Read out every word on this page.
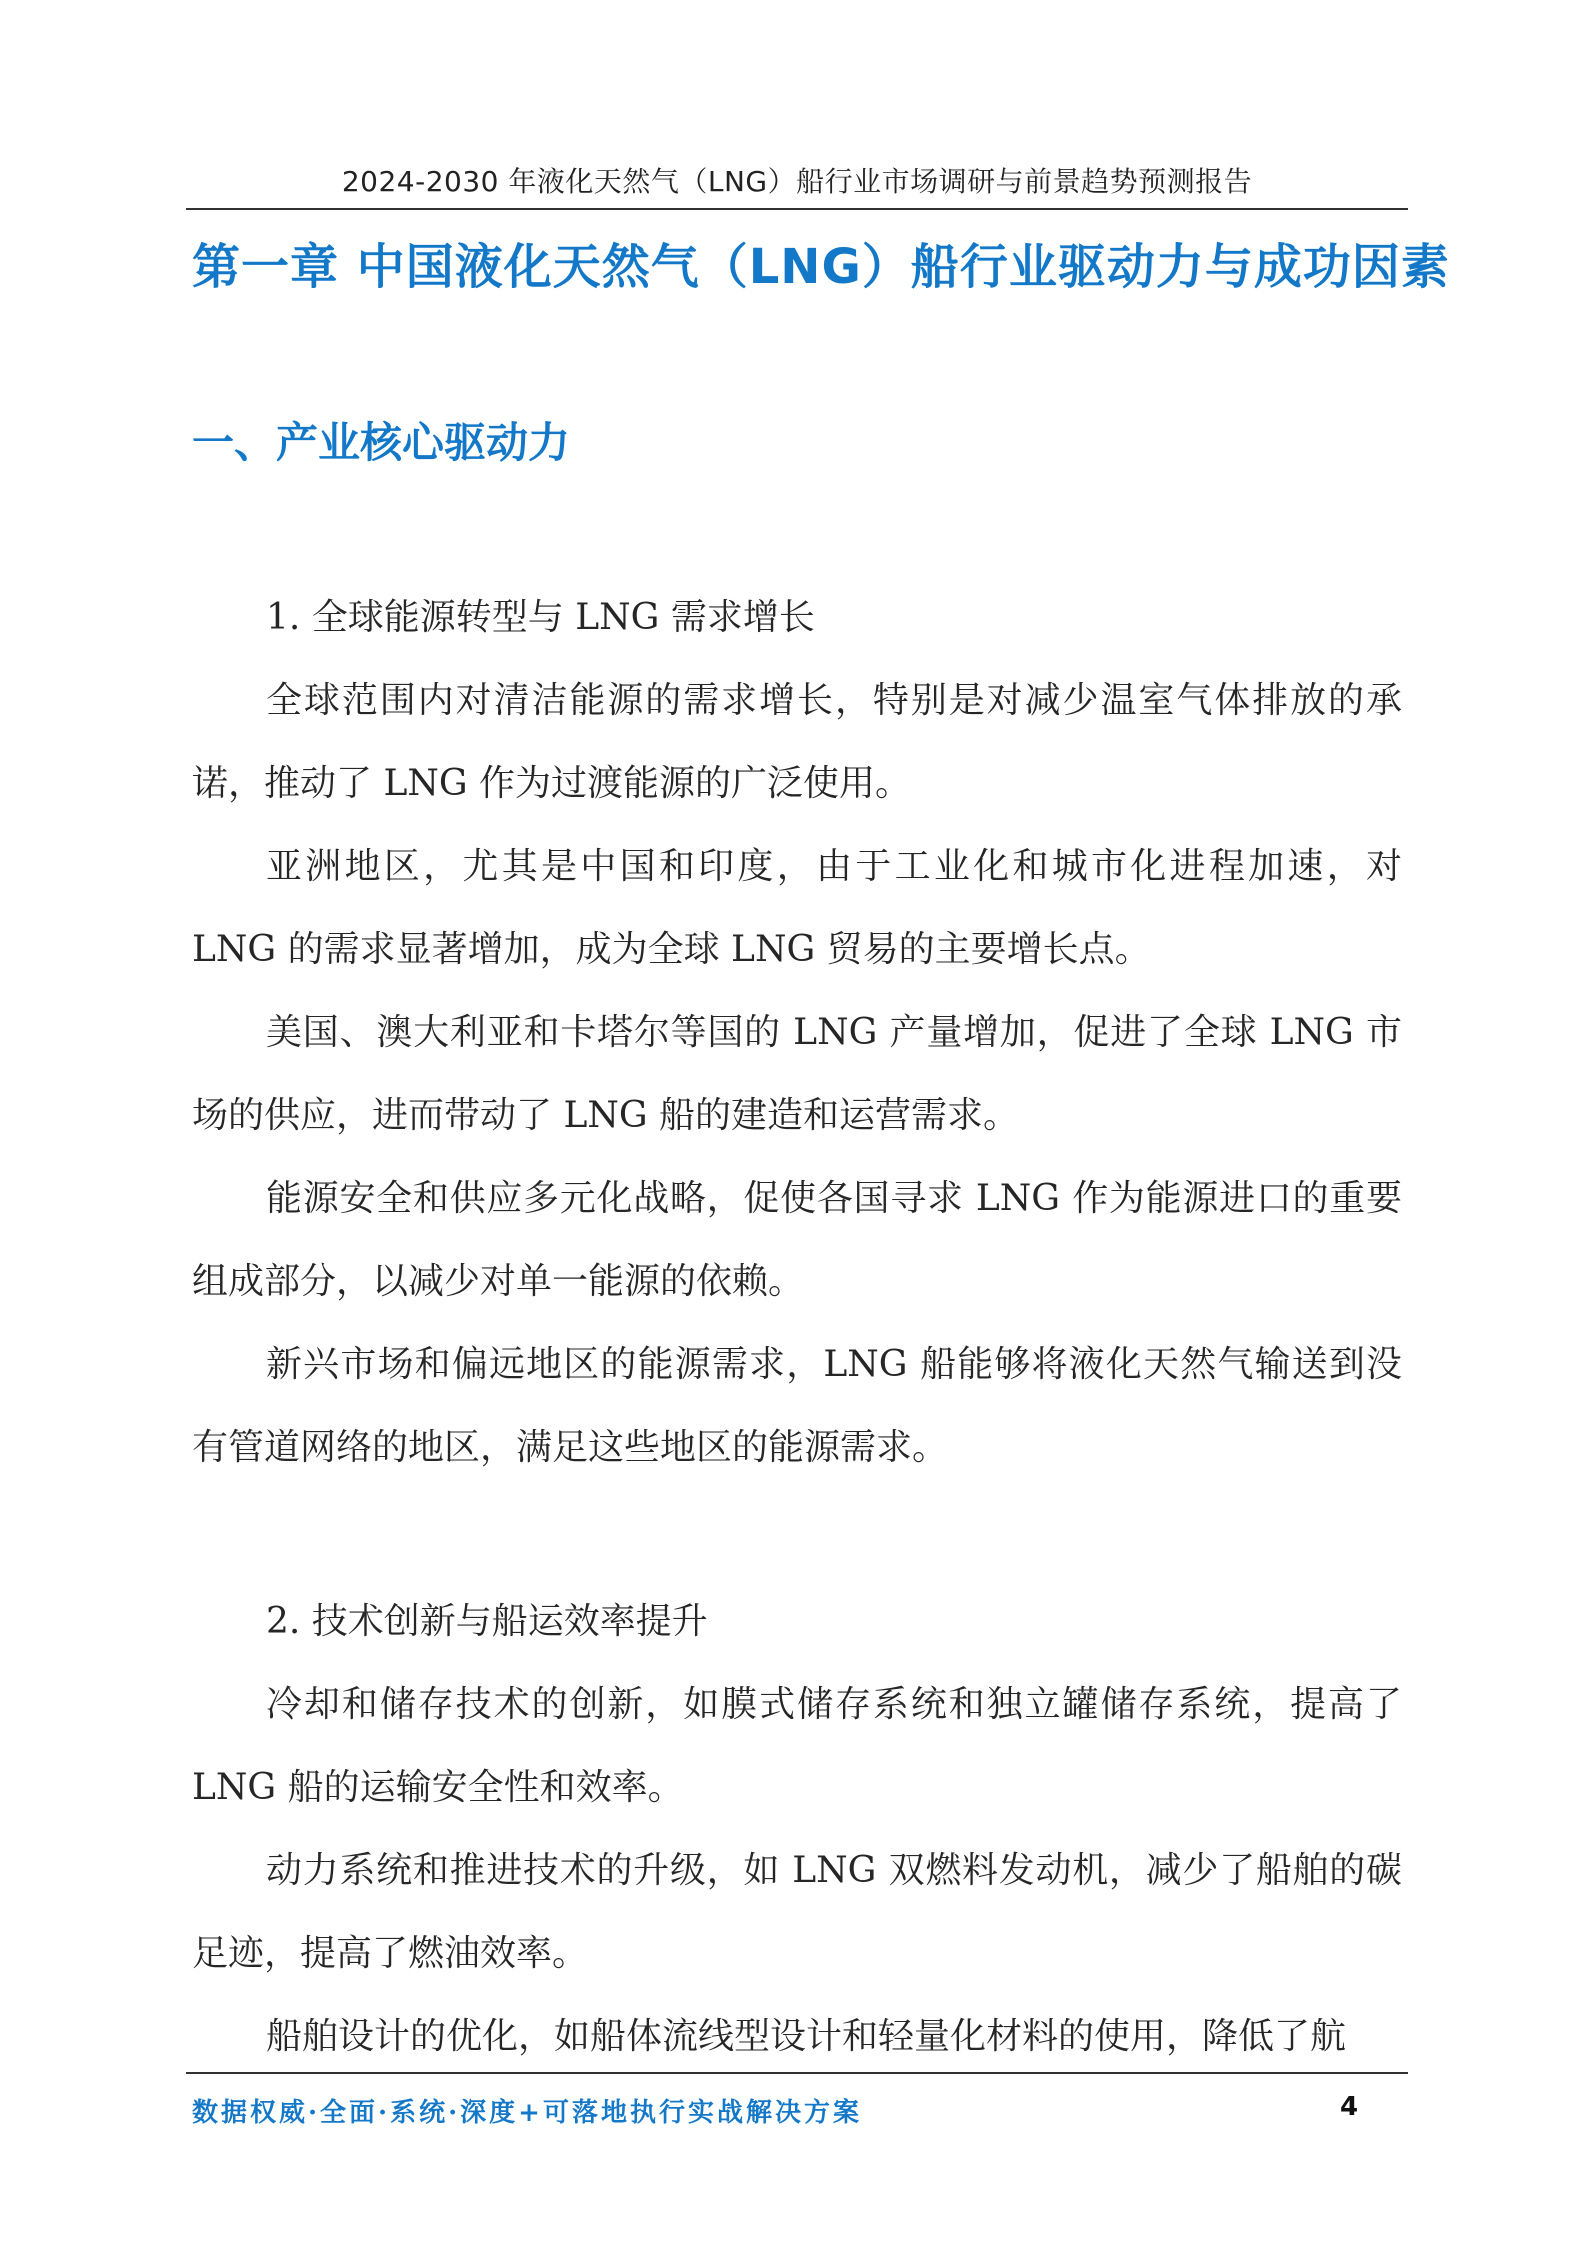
2024-2030 年液化天然气（LNG）船行业市场调研与前景趋势预测报告
第一章 中国液化天然气（LNG）船行业驱动力与成功因素
一、产业核心驱动力
1. 全球能源转型与 LNG 需求增长

全球范围内对清洁能源的需求增长，特别是对减少温室气体排放的承诺，推动了 LNG 作为过渡能源的广泛使用。

亚洲地区，尤其是中国和印度，由于工业化和城市化进程加速，对 LNG 的需求显著增加，成为全球 LNG 贸易的主要增长点。

美国、澳大利亚和卡塔尔等国的 LNG 产量增加，促进了全球 LNG 市场的供应，进而带动了 LNG 船的建造和运营需求。

能源安全和供应多元化战略，促使各国寻求 LNG 作为能源进口的重要组成部分，以减少对单一能源的依赖。

新兴市场和偏远地区的能源需求，LNG 船能够将液化天然气输送到没有管道网络的地区，满足这些地区的能源需求。

2. 技术创新与船运效率提升

冷却和储存技术的创新，如膜式储存系统和独立罐储存系统，提高了 LNG 船的运输安全性和效率。

动力系统和推进技术的升级，如 LNG 双燃料发动机，减少了船舶的碳足迹，提高了燃油效率。

船舶设计的优化，如船体流线型设计和轻量化材料的使用，降低了航

数据权威·全面·系统·深度+可落地执行实战解决方案	4
